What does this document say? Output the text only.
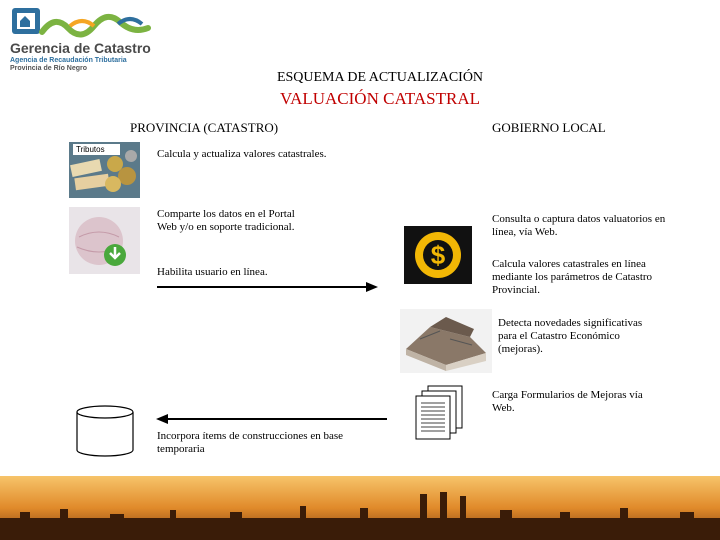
Gerencia de Catastro
Agencia de Recaudación Tributaria
Provincia de Río Negro
ESQUEMA DE ACTUALIZACIÓN
VALUACIÓN CATASTRAL
PROVINCIA (CATASTRO)	GOBIERNO LOCAL
Tributos	Calcula y actualiza valores catastrales.
Comparte los datos en el Portal Web y/o en soporte tradicional.
Habilita usuario en línea.
$
Consulta o captura datos valuatorios en línea, vía Web.
Calcula valores catastrales en línea mediante los parámetros de Catastro Provincial.
Detecta novedades significativas para el Catastro Económico (mejoras).
Carga Formularios de Mejoras vía Web.
Incorpora ítems de construcciones en base temporaria
